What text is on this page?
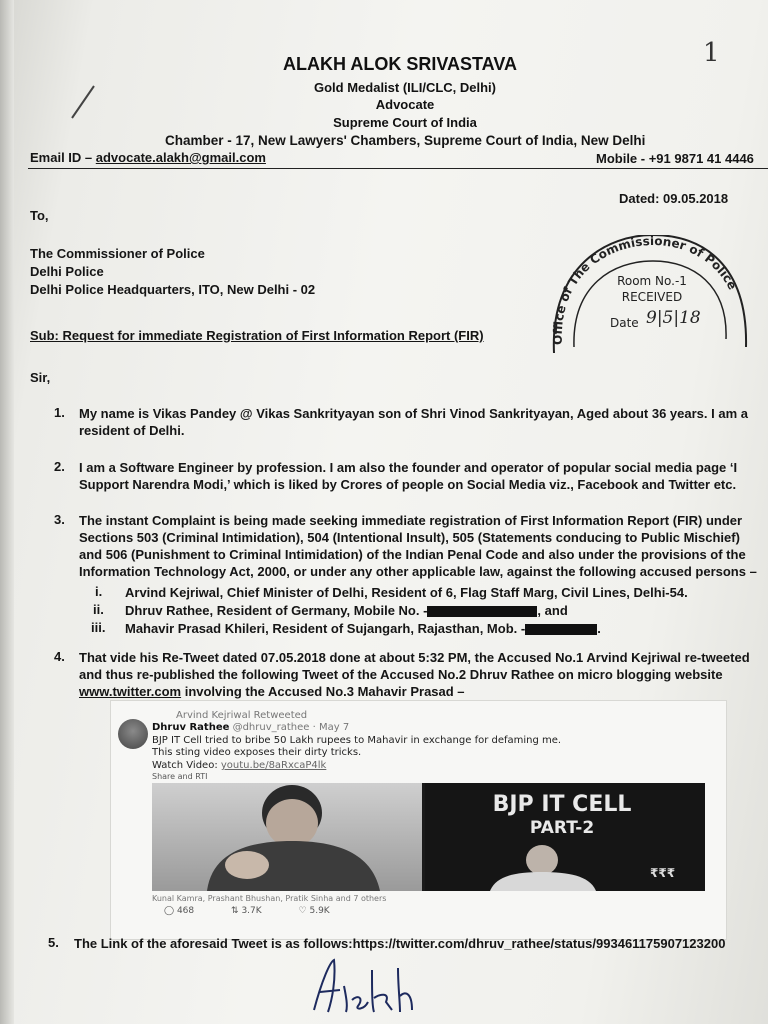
1
ALAKH ALOK SRIVASTAVA
Gold Medalist (ILI/CLC, Delhi)
Advocate
Supreme Court of India
Chamber - 17, New Lawyers' Chambers, Supreme Court of India, New Delhi
Email ID – advocate.alakh@gmail.com	Mobile - +91 9871 41 4446
Dated: 09.05.2018
To,
The Commissioner of Police
Delhi Police
Delhi Police Headquarters, ITO, New Delhi - 02
Office of The Commissioner of Police
Room No.-1
RECEIVED
Date 9|5|18
Sub: Request for immediate Registration of First Information Report (FIR)
Sir,
1. My name is Vikas Pandey @ Vikas Sankrityayan son of Shri Vinod Sankrityayan, Aged about 36 years. I am a
resident of Delhi.
2. I am a Software Engineer by profession. I am also the founder and operator of popular social media page ‘I
Support Narendra Modi,’ which is liked by Crores of people on Social Media viz., Facebook and Twitter etc.
3. The instant Complaint is being made seeking immediate registration of First Information Report (FIR) under
Sections 503 (Criminal Intimidation), 504 (Intentional Insult), 505 (Statements conducing to Public Mischief)
and 506 (Punishment to Criminal Intimidation) of the Indian Penal Code and also under the provisions of the
Information Technology Act, 2000, or under any other applicable law, against the following accused persons –
i. Arvind Kejriwal, Chief Minister of Delhi, Resident of 6, Flag Staff Marg, Civil Lines, Delhi-54.
ii. Dhruv Rathee, Resident of Germany, Mobile No. -	, and
iii. Mahavir Prasad Khileri, Resident of Sujangarh, Rajasthan, Mob. -	.
4. That vide his Re-Tweet dated 07.05.2018 done at about 5:32 PM, the Accused No.1 Arvind Kejriwal re-tweeted
and thus re-published the following Tweet of the Accused No.2 Dhruv Rathee on micro blogging website
www.twitter.com involving the Accused No.3 Mahavir Prasad –
Arvind Kejriwal Retweeted
Dhruv Rathee @dhruv_rathee · May 7
BJP IT Cell tried to bribe 50 Lakh rupees to Mahavir in exchange for defaming me.
This sting video exposes their dirty tricks.
Watch Video: youtu.be/8aRxcaP4lk
Share and RTI
BJP IT CELL
PART-2
₹₹₹
Kunal Kamra, Prashant Bhushan, Pratik Sinha and 7 others
◯ 468	⇅ 3.7K	♡ 5.9K
5. The Link of the aforesaid Tweet is as follows:https://twitter.com/dhruv_rathee/status/993461175907123200
